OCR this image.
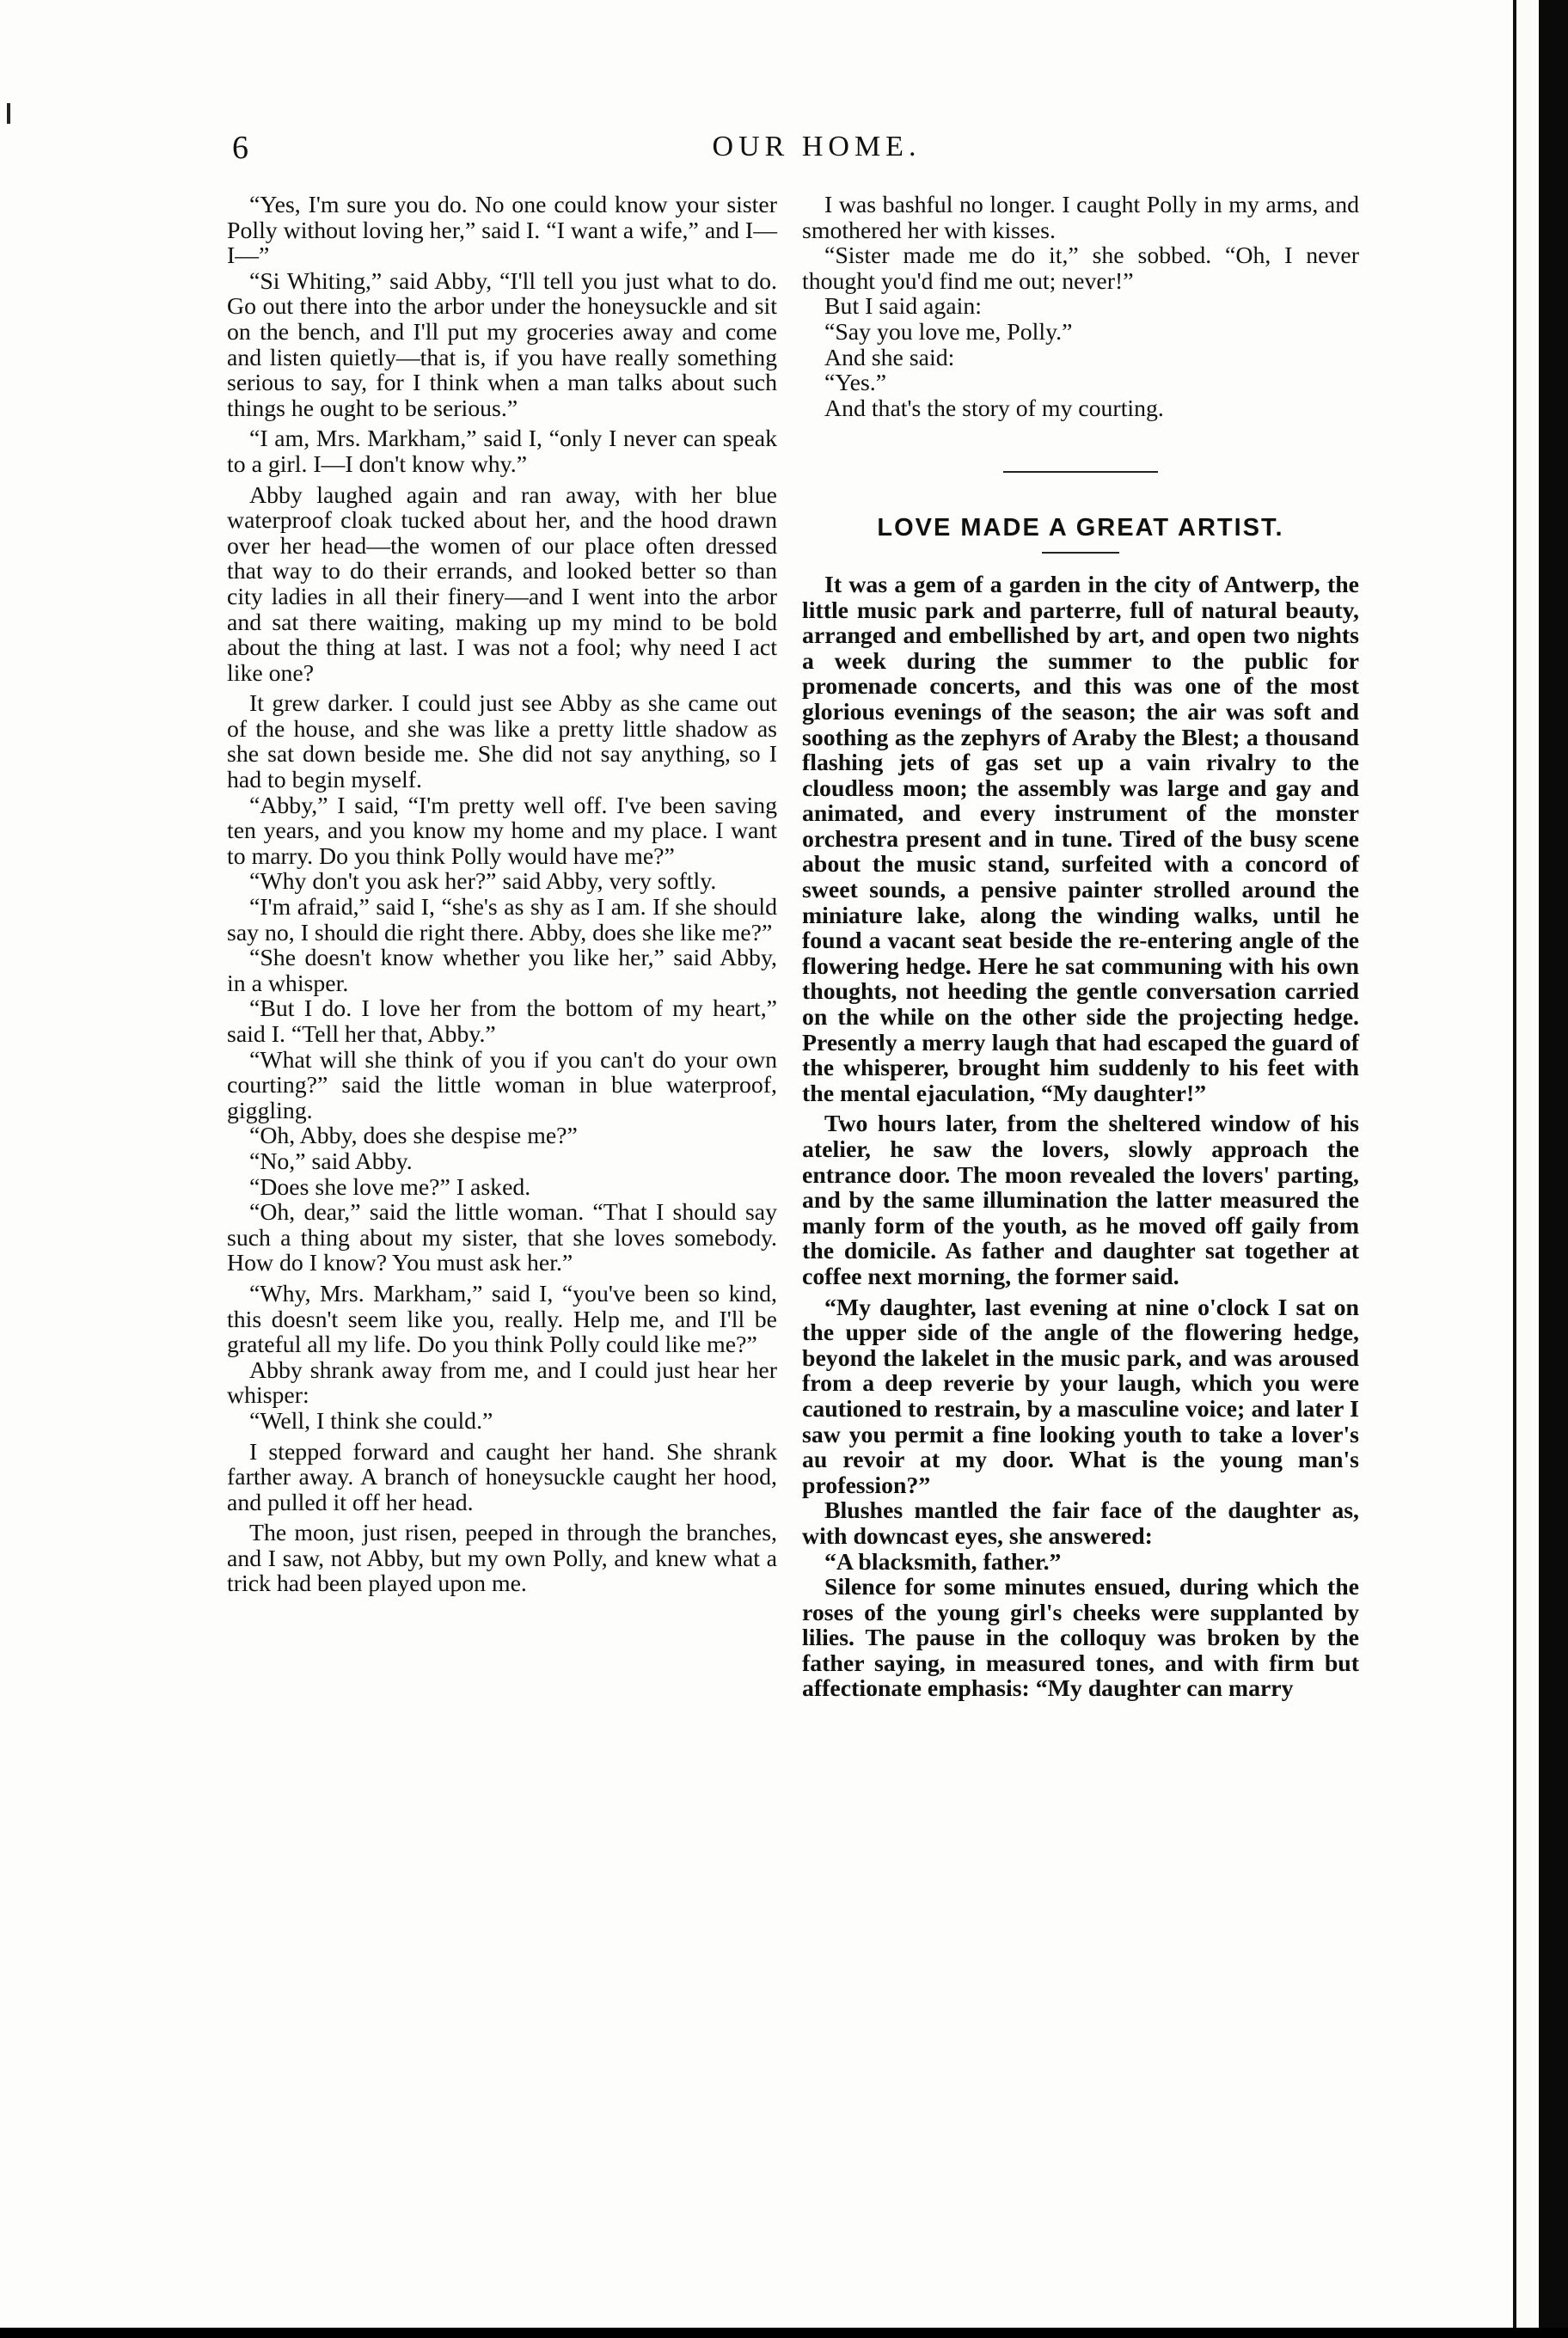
6	OUR HOME.

“Yes, I'm sure you do. No one could know your sister Polly without loving her,” said I. “I want a wife,” and I—I—”

“Si Whiting,” said Abby, “I'll tell you just what to do. Go out there into the arbor under the honeysuckle and sit on the bench, and I'll put my groceries away and come and listen quietly—that is, if you have really something serious to say, for I think when a man talks about such things he ought to be serious.”

“I am, Mrs. Markham,” said I, “only I never can speak to a girl. I—I don't know why.”

Abby laughed again and ran away, with her blue waterproof cloak tucked about her, and the hood drawn over her head—the women of our place often dressed that way to do their errands, and looked better so than city ladies in all their finery—and I went into the arbor and sat there waiting, making up my mind to be bold about the thing at last. I was not a fool; why need I act like one?

It grew darker. I could just see Abby as she came out of the house, and she was like a pretty little shadow as she sat down beside me. She did not say anything, so I had to begin myself.

“Abby,” I said, “I'm pretty well off. I've been saving ten years, and you know my home and my place. I want to marry. Do you think Polly would have me?”

“Why don't you ask her?” said Abby, very softly.

“I'm afraid,” said I, “she's as shy as I am. If she should say no, I should die right there. Abby, does she like me?”

“She doesn't know whether you like her,” said Abby, in a whisper.

“But I do. I love her from the bottom of my heart,” said I. “Tell her that, Abby.”

“What will she think of you if you can't do your own courting?” said the little woman in blue waterproof, giggling.

“Oh, Abby, does she despise me?”

“No,” said Abby.

“Does she love me?” I asked.

“Oh, dear,” said the little woman. “That I should say such a thing about my sister, that she loves somebody. How do I know? You must ask her.”

“Why, Mrs. Markham,” said I, “you've been so kind, this doesn't seem like you, really. Help me, and I'll be grateful all my life. Do you think Polly could like me?”

Abby shrank away from me, and I could just hear her whisper:

“Well, I think she could.”

I stepped forward and caught her hand. She shrank farther away. A branch of honeysuckle caught her hood, and pulled it off her head.

The moon, just risen, peeped in through the branches, and I saw, not Abby, but my own Polly, and knew what a trick had been played upon me.

I was bashful no longer. I caught Polly in my arms, and smothered her with kisses.

“Sister made me do it,” she sobbed. “Oh, I never thought you'd find me out; never!”

But I said again:

“Say you love me, Polly.”

And she said:

“Yes.”

And that's the story of my courting.

LOVE MADE A GREAT ARTIST.

It was a gem of a garden in the city of Antwerp, the little music park and parterre, full of natural beauty, arranged and embellished by art, and open two nights a week during the summer to the public for promenade concerts, and this was one of the most glorious evenings of the season; the air was soft and soothing as the zephyrs of Araby the Blest; a thousand flashing jets of gas set up a vain rivalry to the cloudless moon; the assembly was large and gay and animated, and every instrument of the monster orchestra present and in tune. Tired of the busy scene about the music stand, surfeited with a concord of sweet sounds, a pensive painter strolled around the miniature lake, along the winding walks, until he found a vacant seat beside the re-entering angle of the flowering hedge. Here he sat communing with his own thoughts, not heeding the gentle conversation carried on the while on the other side the projecting hedge. Presently a merry laugh that had escaped the guard of the whisperer, brought him suddenly to his feet with the mental ejaculation, “My daughter!”

Two hours later, from the sheltered window of his atelier, he saw the lovers, slowly approach the entrance door. The moon revealed the lovers' parting, and by the same illumination the latter measured the manly form of the youth, as he moved off gaily from the domicile. As father and daughter sat together at coffee next morning, the former said.

“My daughter, last evening at nine o'clock I sat on the upper side of the angle of the flowering hedge, beyond the lakelet in the music park, and was aroused from a deep reverie by your laugh, which you were cautioned to restrain, by a masculine voice; and later I saw you permit a fine looking youth to take a lover's au revoir at my door. What is the young man's profession?”

Blushes mantled the fair face of the daughter as, with downcast eyes, she answered:

“A blacksmith, father.”

Silence for some minutes ensued, during which the roses of the young girl's cheeks were supplanted by lilies. The pause in the colloquy was broken by the father saying, in measured tones, and with firm but affectionate emphasis: “My daughter can marry
